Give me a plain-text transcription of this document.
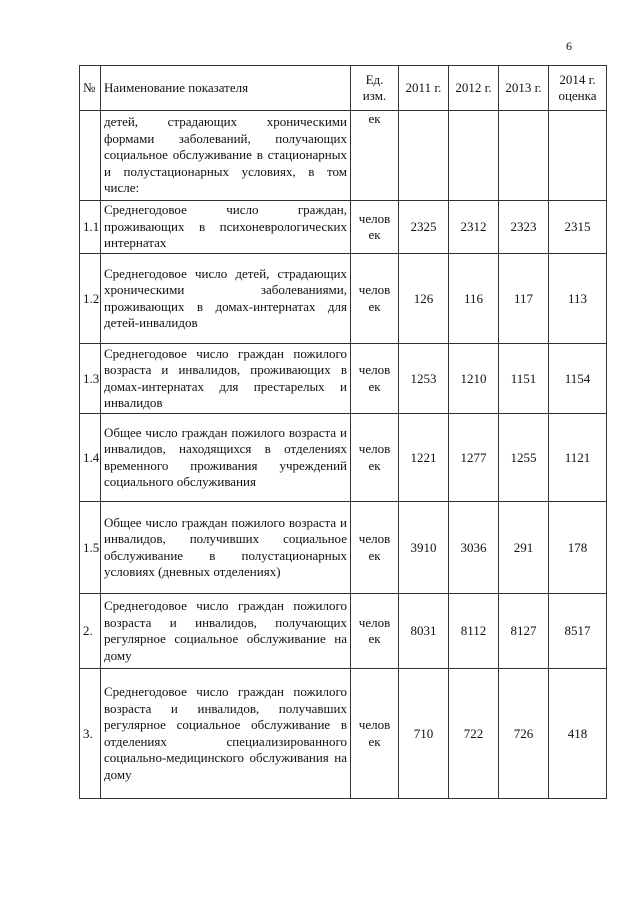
6
№	Наименование показателя	Ед. изм.	2011 г.	2012 г.	2013 г.	2014 г. оценка
	детей, страдающих хроническими формами заболеваний, получающих социальное обслуживание в стационарных и полустационарных условиях, в том числе:	ек				
1.1	Среднегодовое число граждан, проживающих в психоневрологических интернатах	челов ек	2325	2312	2323	2315
1.2	Среднегодовое число детей, страдающих хроническими заболеваниями, проживающих в домах-интернатах для детей-инвалидов	челов ек	126	116	117	113
1.3	Среднегодовое число граждан пожилого возраста и инвалидов, проживающих в домах-интернатах для престарелых и инвалидов	челов ек	1253	1210	1151	1154
1.4	Общее число граждан пожилого возраста и инвалидов, находящихся в отделениях временного проживания учреждений социального обслуживания	челов ек	1221	1277	1255	1121
1.5	Общее число граждан пожилого возраста и инвалидов, получивших социальное обслуживание в полустационарных условиях (дневных отделениях)	челов ек	3910	3036	291	178
2.	Среднегодовое число граждан пожилого возраста и инвалидов, получающих регулярное социальное обслуживание на дому	челов ек	8031	8112	8127	8517
3.	Среднегодовое число граждан пожилого возраста и инвалидов, получавших регулярное социальное обслуживание в отделениях специализированного социально-медицинского обслуживания на дому	челов ек	710	722	726	418
